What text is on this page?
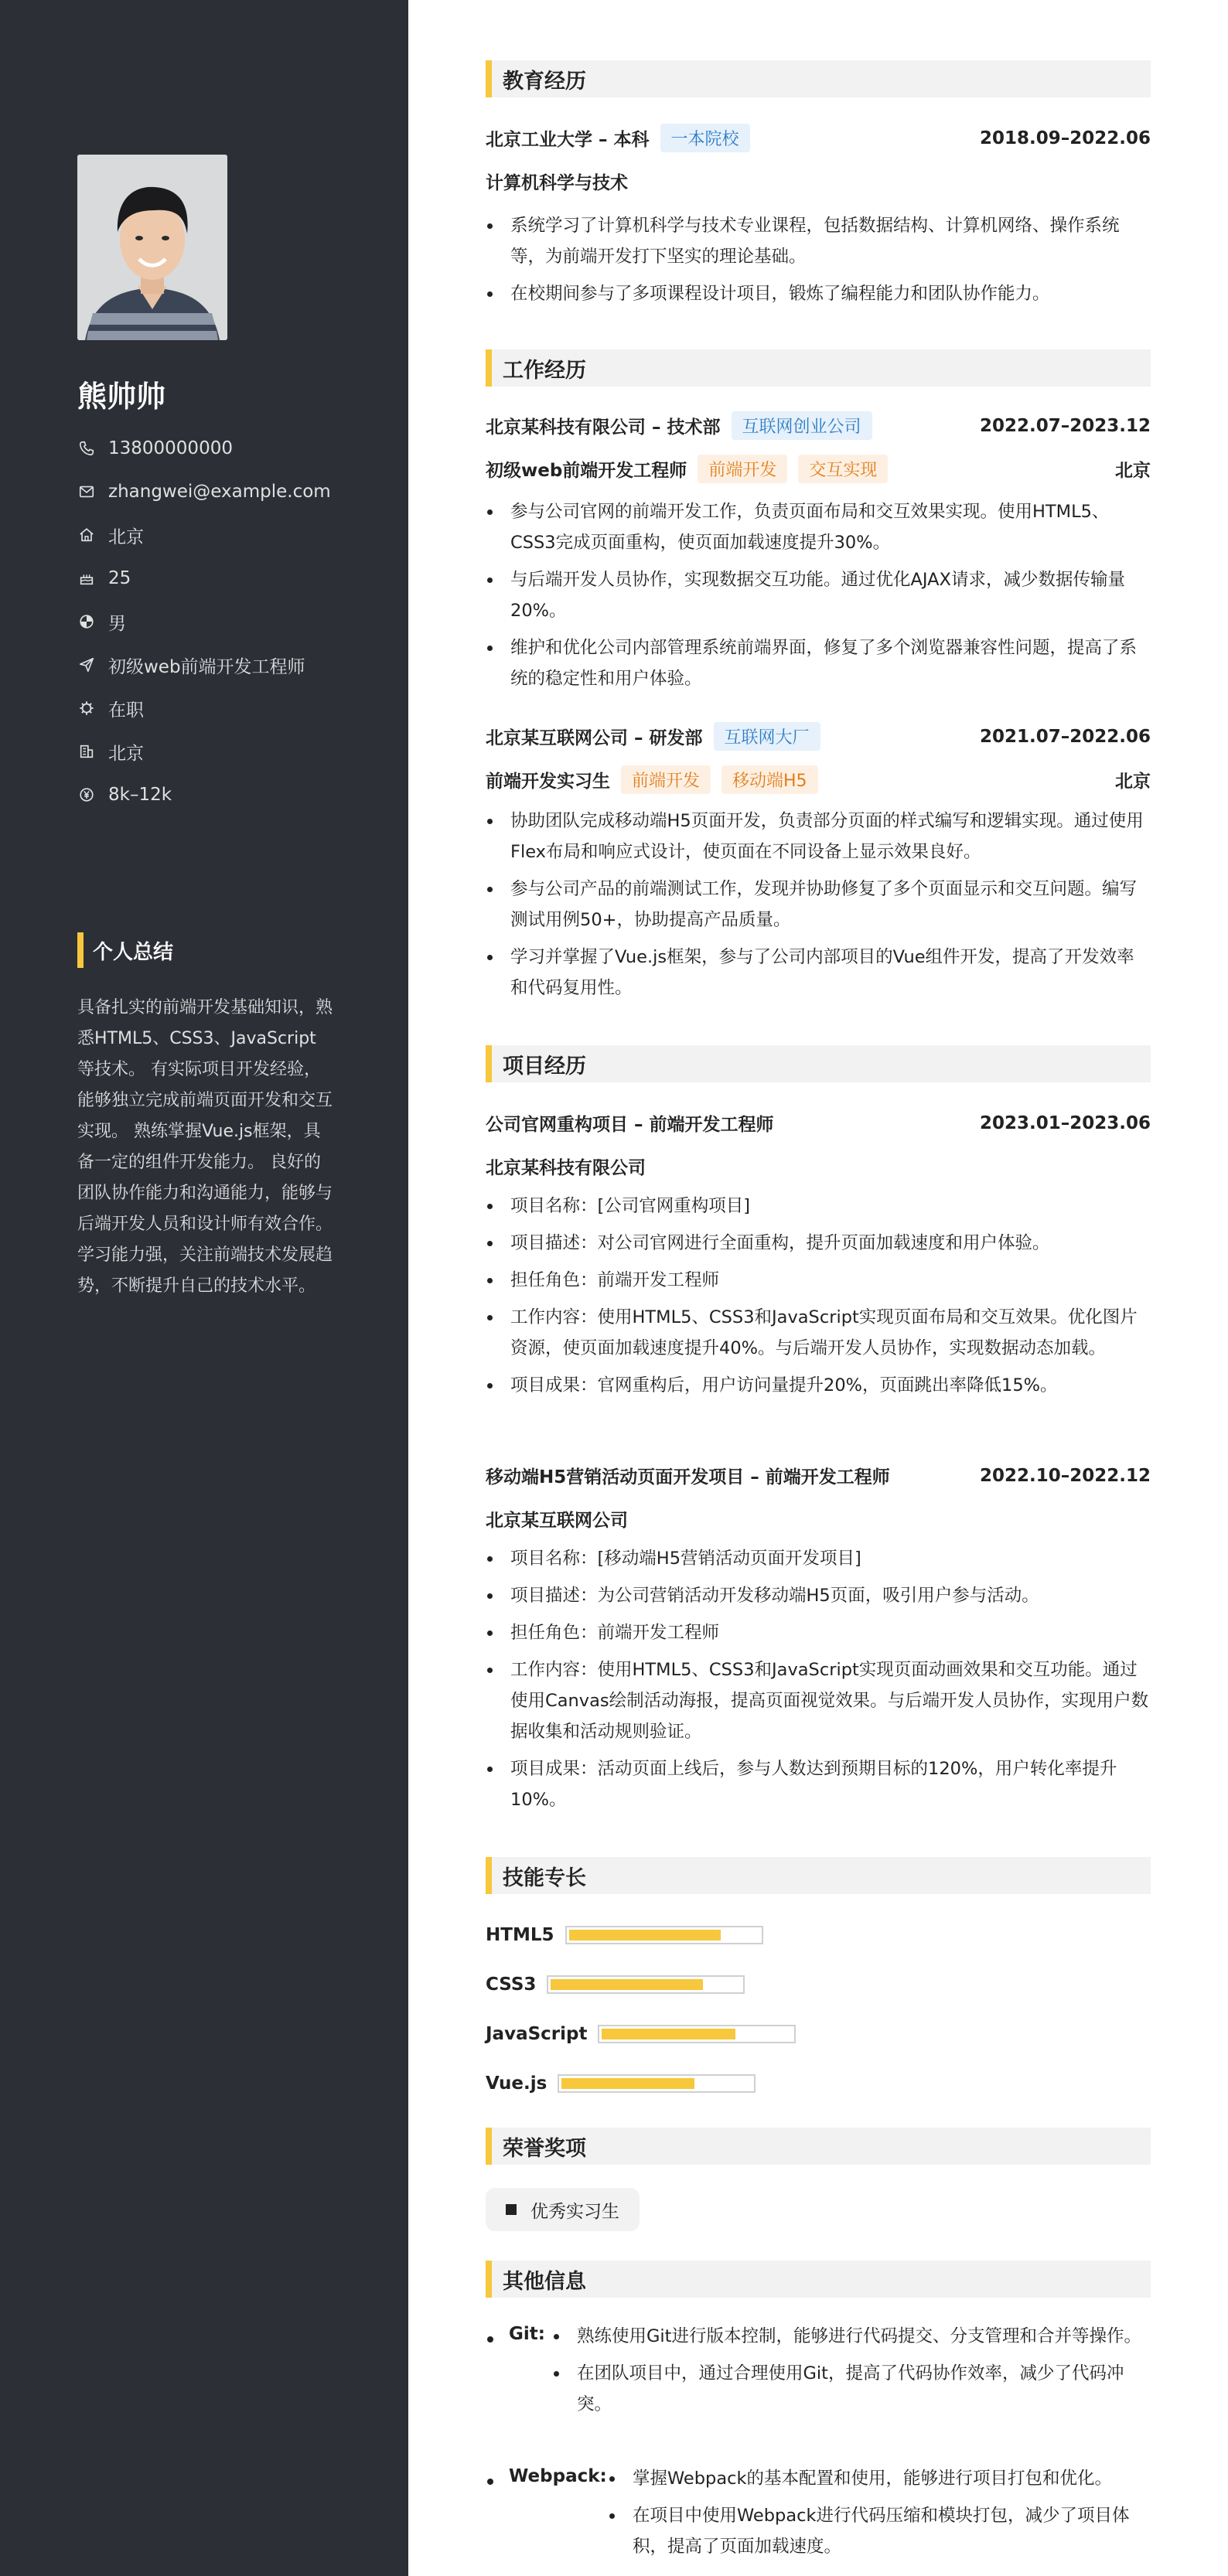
熊帅帅
13800000000
zhangwei@example.com
北京
25
男
初级web前端开发工程师
在职
北京
8k–12k
个人总结
具备扎实的前端开发基础知识，熟悉HTML5、CSS3、JavaScript等技术。 有实际项目开发经验，能够独立完成前端页面开发和交互实现。 熟练掌握Vue.js框架，具备一定的组件开发能力。 良好的团队协作能力和沟通能力，能够与后端开发人员和设计师有效合作。 学习能力强，关注前端技术发展趋势，不断提升自己的技术水平。
教育经历
北京工业大学 – 本科	一本院校	2018.09–2022.06
计算机科学与技术
系统学习了计算机科学与技术专业课程，包括数据结构、计算机网络、操作系统等，为前端开发打下坚实的理论基础。
在校期间参与了多项课程设计项目，锻炼了编程能力和团队协作能力。
工作经历
北京某科技有限公司 – 技术部	互联网创业公司	2022.07–2023.12
初级web前端开发工程师	前端开发	交互实现	北京
参与公司官网的前端开发工作，负责页面布局和交互效果实现。使用HTML5、CSS3完成页面重构，使页面加载速度提升30%。
与后端开发人员协作，实现数据交互功能。通过优化AJAX请求，减少数据传输量20%。
维护和优化公司内部管理系统前端界面，修复了多个浏览器兼容性问题，提高了系统的稳定性和用户体验。
北京某互联网公司 – 研发部	互联网大厂	2021.07–2022.06
前端开发实习生	前端开发	移动端H5	北京
协助团队完成移动端H5页面开发，负责部分页面的样式编写和逻辑实现。通过使用Flex布局和响应式设计，使页面在不同设备上显示效果良好。
参与公司产品的前端测试工作，发现并协助修复了多个页面显示和交互问题。编写测试用例50+，协助提高产品质量。
学习并掌握了Vue.js框架，参与了公司内部项目的Vue组件开发，提高了开发效率和代码复用性。
项目经历
公司官网重构项目 – 前端开发工程师	2023.01–2023.06
北京某科技有限公司
项目名称：[公司官网重构项目]
项目描述：对公司官网进行全面重构，提升页面加载速度和用户体验。
担任角色：前端开发工程师
工作内容：使用HTML5、CSS3和JavaScript实现页面布局和交互效果。优化图片资源，使页面加载速度提升40%。与后端开发人员协作，实现数据动态加载。
项目成果：官网重构后，用户访问量提升20%，页面跳出率降低15%。
移动端H5营销活动页面开发项目 – 前端开发工程师	2022.10–2022.12
北京某互联网公司
项目名称：[移动端H5营销活动页面开发项目]
项目描述：为公司营销活动开发移动端H5页面，吸引用户参与活动。
担任角色：前端开发工程师
工作内容：使用HTML5、CSS3和JavaScript实现页面动画效果和交互功能。通过使用Canvas绘制活动海报，提高页面视觉效果。与后端开发人员协作，实现用户数据收集和活动规则验证。
项目成果：活动页面上线后，参与人数达到预期目标的120%，用户转化率提升10%。
技能专长
HTML5
CSS3
JavaScript
Vue.js
荣誉奖项
优秀实习生
其他信息
Git:	熟练使用Git进行版本控制，能够进行代码提交、分支管理和合并等操作。
在团队项目中，通过合理使用Git，提高了代码协作效率，减少了代码冲突。
Webpack:	掌握Webpack的基本配置和使用，能够进行项目打包和优化。
在项目中使用Webpack进行代码压缩和模块打包，减少了项目体积，提高了页面加载速度。
